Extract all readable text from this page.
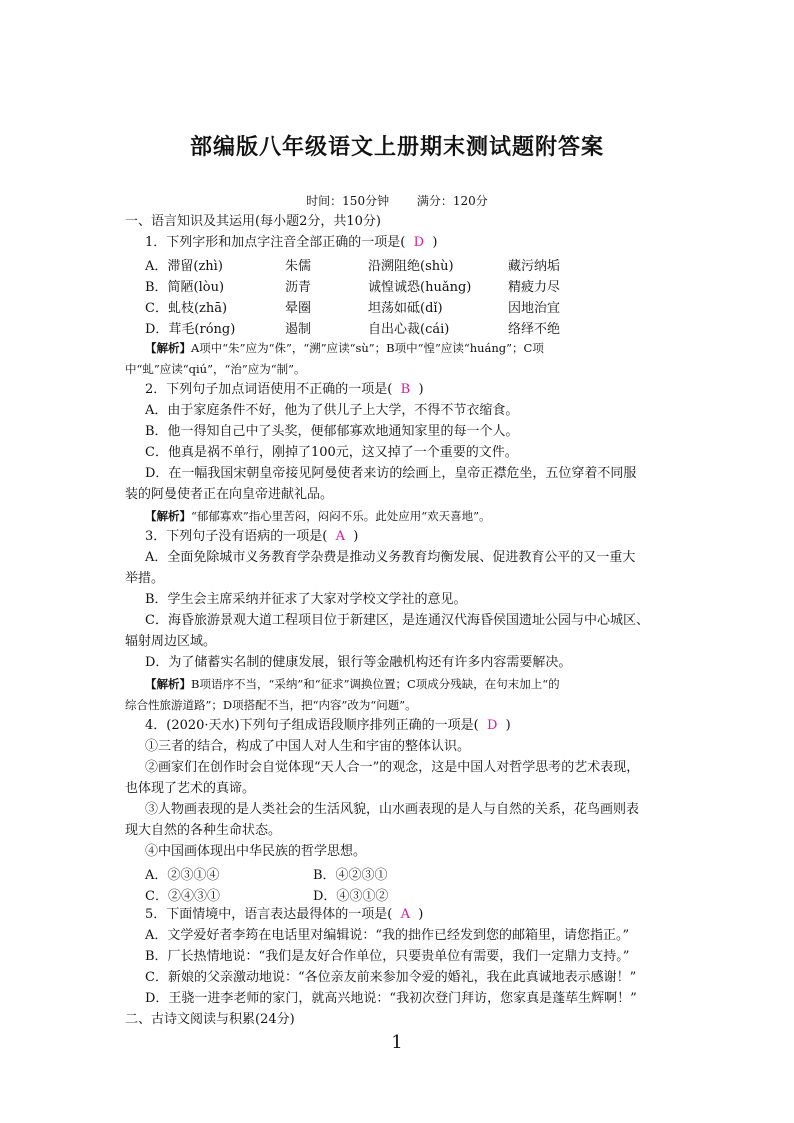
部编版八年级语文上册期末测试题附答案
时间：150分钟 满分：120分
一、语言知识及其运用(每小题2分，共10分)
1．下列字形和加点字注音全部正确的一项是( D )
A．滞留(zhì)	朱儒	沿溯阻绝(shù)	藏污纳垢
B．简陋(lòu)	沥青	诚惶诚恐(huǎng)	精疲力尽
C．虬枝(zhā)	晕圈	坦荡如砥(dǐ)	因地治宜
D．茸毛(róng)	遏制	自出心裁(cái)	络绎不绝
【解析】A项中“朱”应为“侏”，“溯”应读“sù”；B项中“惶”应读“huáng”；C项
中“虬”应读“qiú”，“治”应为“制”。
2．下列句子加点词语使用不正确的一项是( B )
A．由于家庭条件不好，他为了供儿子上大学，不得不节衣缩食。
B．他一得知自己中了头奖，便郁郁寡欢地通知家里的每一个人。
C．他真是祸不单行，刚掉了100元，这又掉了一个重要的文件。
D．在一幅我国宋朝皇帝接见阿曼使者来访的绘画上，皇帝正襟危坐，五位穿着不同服
装的阿曼使者正在向皇帝进献礼品。
【解析】“郁郁寡欢”指心里苦闷，闷闷不乐。此处应用“欢天喜地”。
3．下列句子没有语病的一项是( A )
A．全面免除城市义务教育学杂费是推动义务教育均衡发展、促进教育公平的又一重大
举措。
B．学生会主席采纳并征求了大家对学校文学社的意见。
C．海昏旅游景观大道工程项目位于新建区，是连通汉代海昏侯国遗址公园与中心城区、
辐射周边区域。
D．为了储蓄实名制的健康发展，银行等金融机构还有许多内容需要解决。
【解析】B项语序不当，“采纳”和“征求”调换位置；C项成分残缺，在句末加上“的
综合性旅游道路”；D项搭配不当，把“内容”改为“问题”。
4．(2020·天水)下列句子组成语段顺序排列正确的一项是( D )
①三者的结合，构成了中国人对人生和宇宙的整体认识。
②画家们在创作时会自觉体现“天人合一”的观念，这是中国人对哲学思考的艺术表现，
也体现了艺术的真谛。
③人物画表现的是人类社会的生活风貌，山水画表现的是人与自然的关系，花鸟画则表
现大自然的各种生命状态。
④中国画体现出中华民族的哲学思想。
A．②③①④	B．④②③①
C．②④③①	D．④③①②
5．下面情境中，语言表达最得体的一项是( A )
A．文学爱好者李筠在电话里对编辑说：“我的拙作已经发到您的邮箱里，请您指正。”
B．厂长热情地说：“我们是友好合作单位，只要贵单位有需要，我们一定鼎力支持。”
C．新娘的父亲激动地说：“各位亲友前来参加令爱的婚礼，我在此真诚地表示感谢！”
D．王骁一进李老师的家门，就高兴地说：“我初次登门拜访，您家真是蓬荜生辉啊！”
二、古诗文阅读与积累(24分)
1
